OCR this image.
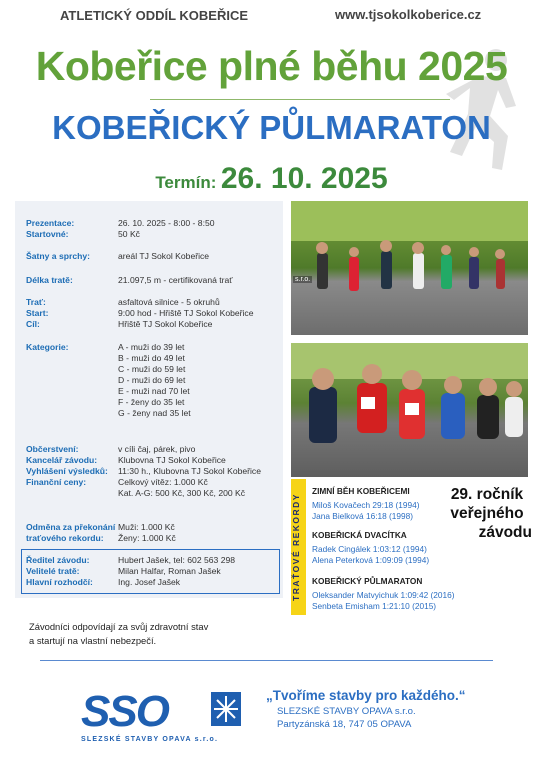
ATLETICKÝ ODDÍL KOBEŘICE	www.tjsokolkoberice.cz
Kobeřice plné běhu 2025
KOBEŘICKÝ PŮLMARATON
Termín: 26. 10. 2025
Prezentace:	26. 10. 2025 - 8:00 - 8:50
Startovné:	50 Kč
Šatny a sprchy:	areál TJ Sokol Kobeřice
Délka tratě:	21.097,5 m - certifikovaná trať
Trať:	asfaltová silnice - 5 okruhů
Start:	9:00 hod - Hřiště TJ Sokol Kobeřice
Cíl:	Hřiště TJ Sokol Kobeřice
Kategorie:	A - muži do 39 let
B - muži do 49 let
C - muži do 59 let
D - muži do 69 let
E - muži nad 70 let
F - ženy do 35 let
G - ženy nad 35 let
Občerstvení:	v cíli čaj, párek, pivo
Kancelář závodu: Klubovna TJ Sokol Kobeřice
Vyhlášení výsledků: 11:30 h., Klubovna TJ Sokol Kobeřice
Finanční ceny:	Celkový vítěz: 1.000 Kč
Kat. A-G: 500 Kč, 300 Kč, 200 Kč
Odměna za překonání Muži: 1.000 Kč
traťového rekordu: Ženy: 1.000 Kč
Ředitel závodu:	Hubert Jašek, tel: 602 563 298
Velitelé tratě:	Milan Halfar, Roman Jašek
Hlavní rozhodčí:	Ing. Josef Jašek
s.r.o.
TRAŤOVÉ REKORDY
ZIMNÍ BĚH KOBEŘICEMI
Miloš Kovačech 29:18 (1994)
Jana Bielková 16:18 (1998)
KOBEŘICKÁ DVACÍTKA
Radek Cingálek 1:03:12 (1994)
Alena Peterková 1:09:09 (1994)
KOBEŘICKÝ PŮLMARATON
Oleksander Matvyichuk 1:09:42 (2016)
Senbeta Emisham 1:21:10 (2015)
29. ročník
veřejného
závodu
Závodníci odpovídají za svůj zdravotní stav
a startují na vlastní nebezpečí.
SSO
SLEZSKÉ STAVBY OPAVA s.r.o.
„Tvoříme stavby pro každého.“
SLEZSKÉ STAVBY OPAVA s.r.o.
Partyzánská 18, 747 05 OPAVA
